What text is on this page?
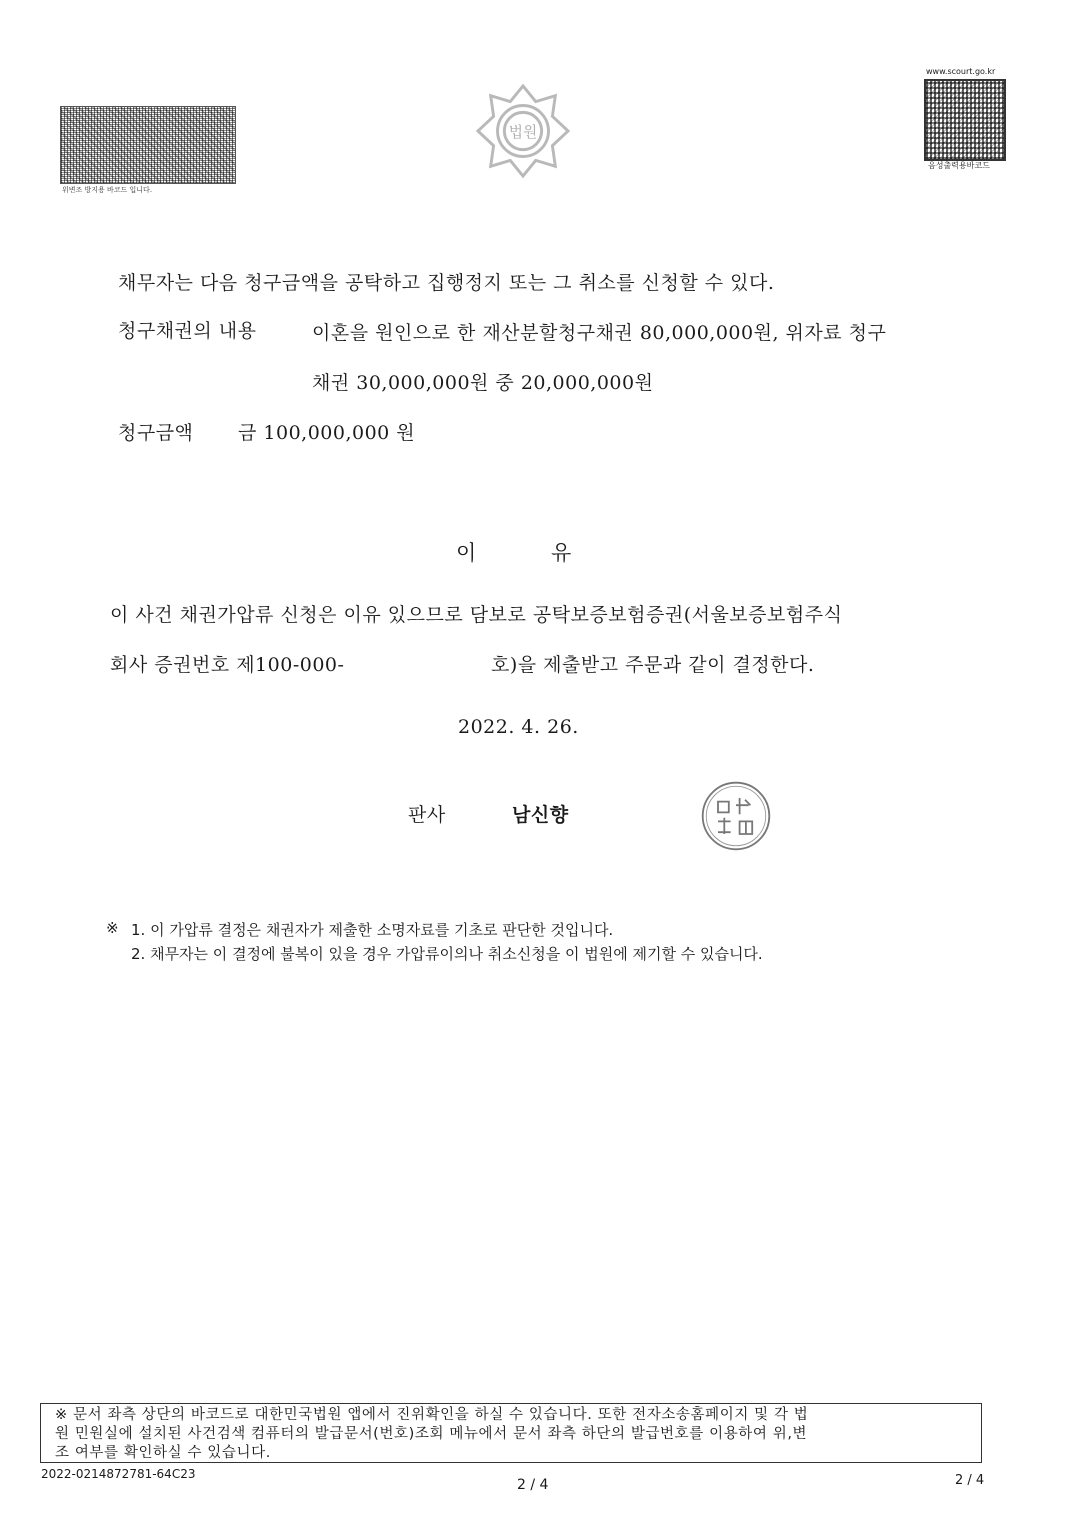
위변조 방지용 바코드 입니다.
법원
www.scourt.go.kr
음성출력용바코드
채무자는 다음 청구금액을 공탁하고 집행정지 또는 그 취소를 신청할 수 있다.
청구채권의 내용	이혼을 원인으로 한 재산분할청구채권 80,000,000원, 위자료 청구
채권 30,000,000원 중 20,000,000원
청구금액 금 100,000,000 원
이	유
이 사건 채권가압류 신청은 이유 있으므로 담보로 공탁보증보험증권(서울보증보험주식
회사 증권번호 제100-000-	호)을 제출받고 주문과 같이 결정한다.
2022. 4. 26.
판사	남신향
※ 1. 이 가압류 결정은 채권자가 제출한 소명자료를 기초로 판단한 것입니다.
2. 채무자는 이 결정에 불복이 있을 경우 가압류이의나 취소신청을 이 법원에 제기할 수 있습니다.
※ 문서 좌측 상단의 바코드로 대한민국법원 앱에서 진위확인을 하실 수 있습니다. 또한 전자소송홈페이지 및 각 법
원 민원실에 설치된 사건검색 컴퓨터의 발급문서(번호)조회 메뉴에서 문서 좌측 하단의 발급번호를 이용하여 위,변
조 여부를 확인하실 수 있습니다.
2022-0214872781-64C23
2 / 4	2 / 4
